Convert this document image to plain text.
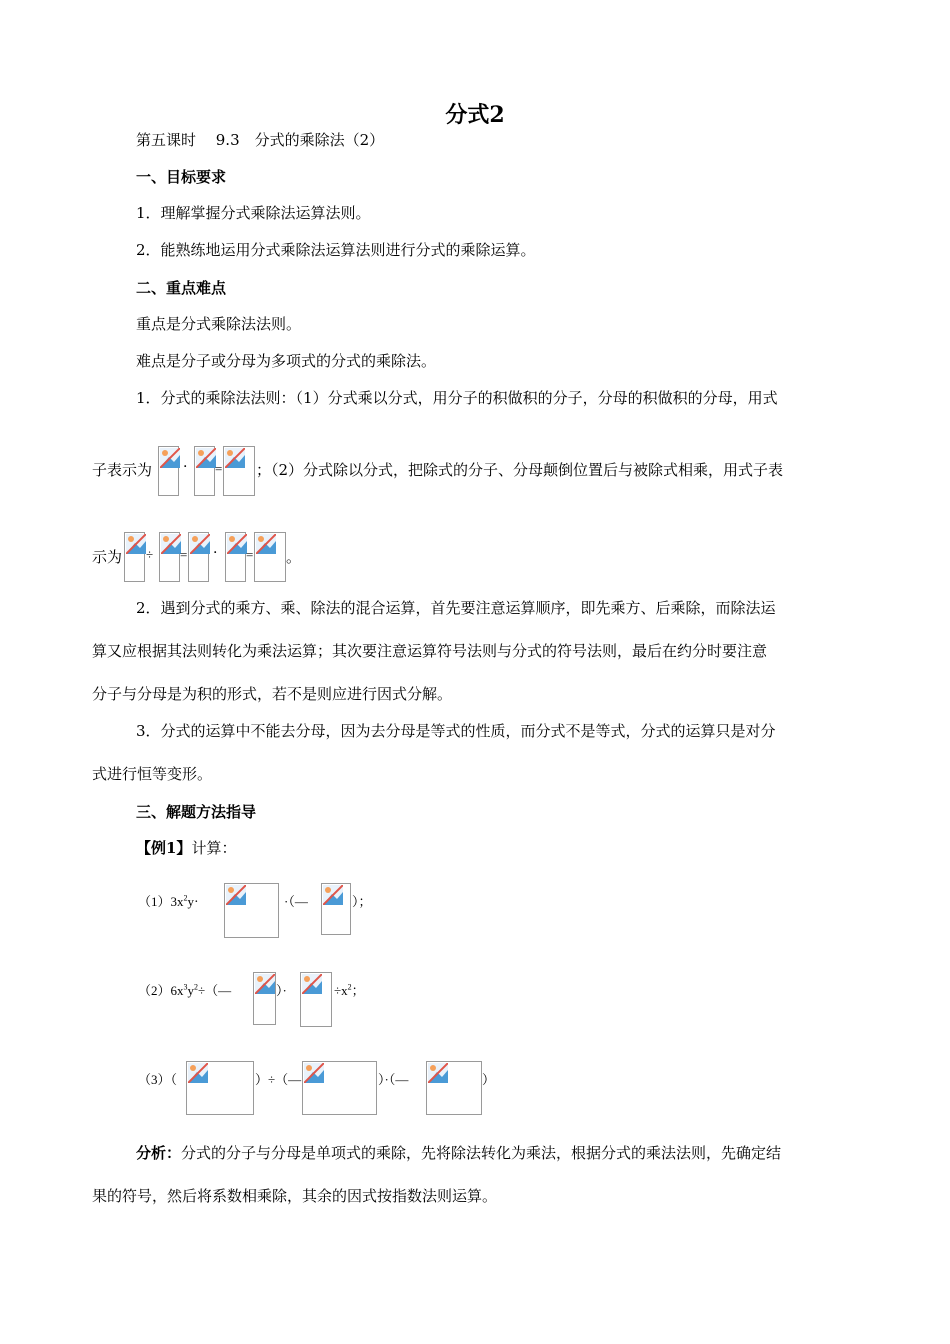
分式2
第五课时　 9.3　分式的乘除法（2）
一、目标要求
1．理解掌握分式乘除法运算法则。
2．能熟练地运用分式乘除法运算法则进行分式的乘除运算。
二、重点难点
重点是分式乘除法法则。
难点是分子或分母为多项式的分式的乘除法。
1．分式的乘除法法则：（1）分式乘以分式，用分子的积做积的分子，分母的积做积的分母，用式
子表示为 · = ；（2）分式除以分式，把除式的分子、分母颠倒位置后与被除式相乘，用式子表
示为 ÷ = · = 。
2．遇到分式的乘方、乘、除法的混合运算，首先要注意运算顺序，即先乘方、后乘除，而除法运
算又应根据其法则转化为乘法运算；其次要注意运算符号法则与分式的符号法则，最后在约分时要注意
分子与分母是为积的形式，若不是则应进行因式分解。
3．分式的运算中不能去分母，因为去分母是等式的性质，而分式不是等式，分式的运算只是对分
式进行恒等变形。
三、解题方法指导
【例1】计算：
$(1)3x^2y\cdot$	·（—	）；
$(2)6x^3y^2\div(—$	）·	$\div x^2$；
（3）（	）÷（—	）·（—	）
分析：分式的分子与分母是单项式的乘除，先将除法转化为乘法，根据分式的乘法法则，先确定结
果的符号，然后将系数相乘除，其余的因式按指数法则运算。
